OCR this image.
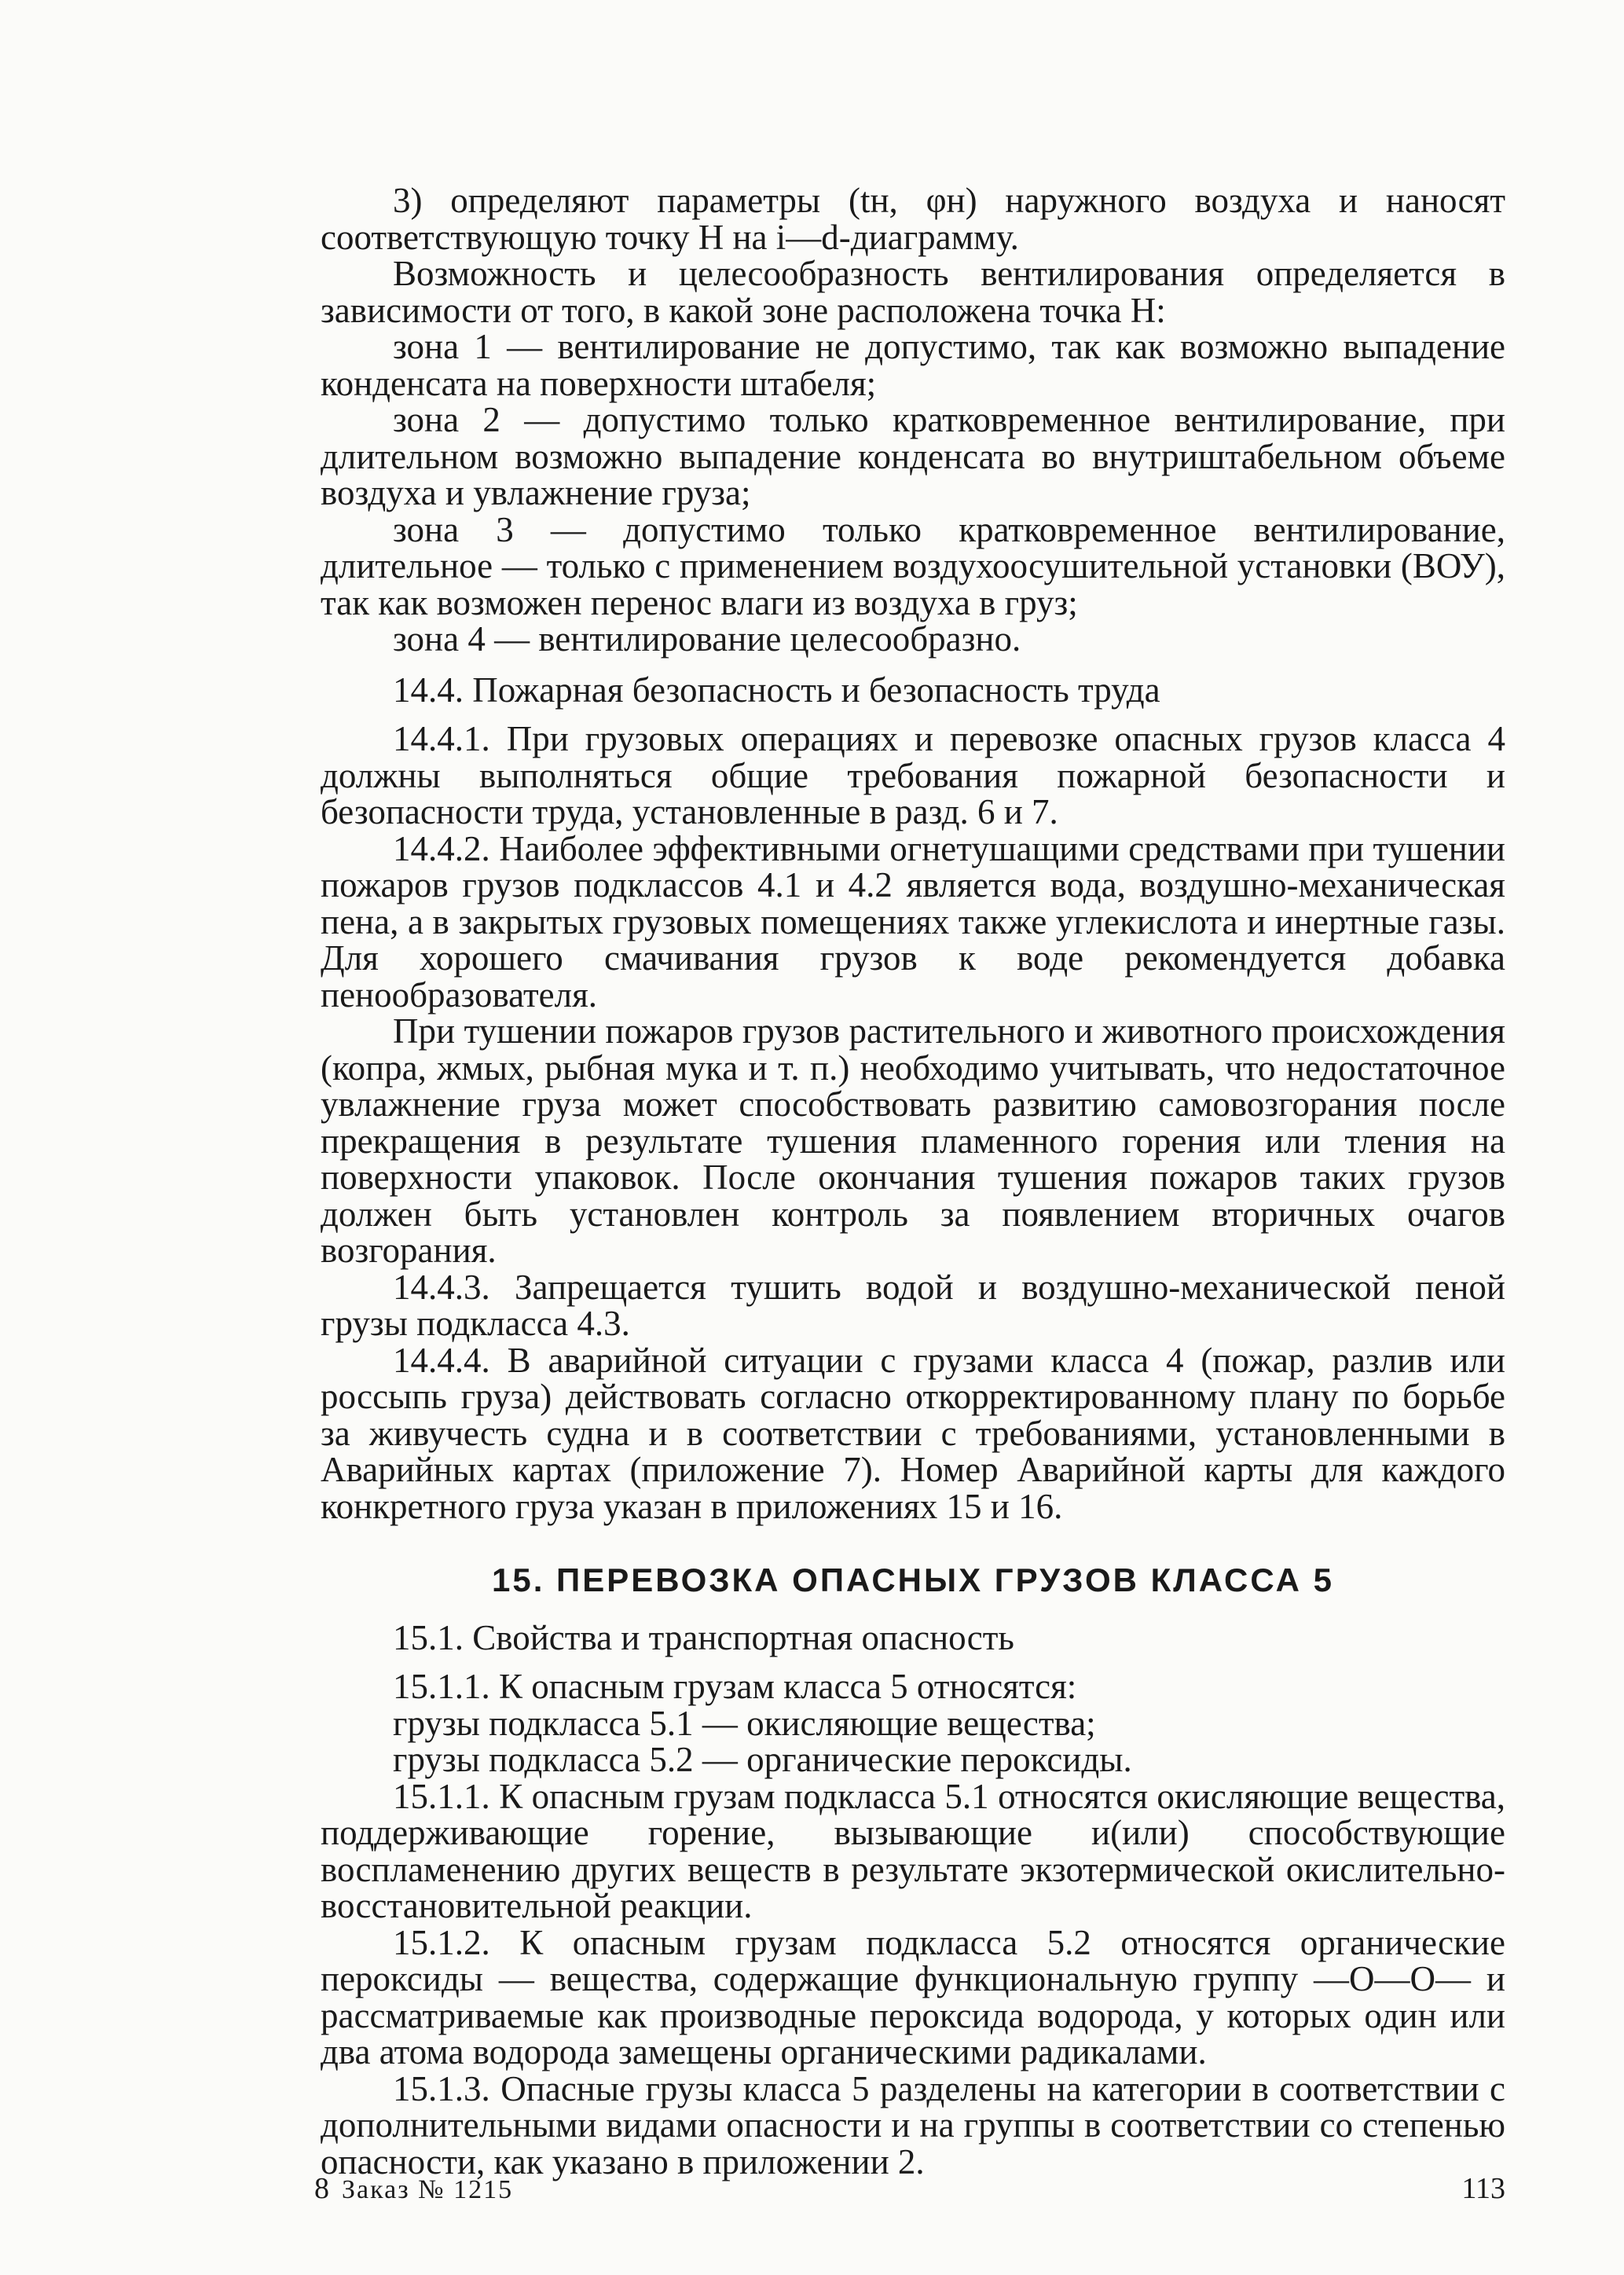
3) определяют параметры (tн, φн) наружного воздуха и наносят соответствующую точку H на i—d-диаграмму.

Возможность и целесообразность вентилирования определяется в зависимости от того, в какой зоне расположена точка H:

зона 1 — вентилирование не допустимо, так как возможно выпадение конденсата на поверхности штабеля;

зона 2 — допустимо только кратковременное вентилирование, при длительном возможно выпадение конденсата во внутриштабельном объеме воздуха и увлажнение груза;

зона 3 — допустимо только кратковременное вентилирование, длительное — только с применением воздухоосушительной установки (ВОУ), так как возможен перенос влаги из воздуха в груз;

зона 4 — вентилирование целесообразно.

14.4. Пожарная безопасность и безопасность труда

14.4.1. При грузовых операциях и перевозке опасных грузов класса 4 должны выполняться общие требования пожарной безопасности и безопасности труда, установленные в разд. 6 и 7.

14.4.2. Наиболее эффективными огнетушащими средствами при тушении пожаров грузов подклассов 4.1 и 4.2 является вода, воздушно-механическая пена, а в закрытых грузовых помещениях также углекислота и инертные газы. Для хорошего смачивания грузов к воде рекомендуется добавка пенообразователя.

При тушении пожаров грузов растительного и животного происхождения (копра, жмых, рыбная мука и т. п.) необходимо учитывать, что недостаточное увлажнение груза может способствовать развитию самовозгорания после прекращения в результате тушения пламенного горения или тления на поверхности упаковок. После окончания тушения пожаров таких грузов должен быть установлен контроль за появлением вторичных очагов возгорания.

14.4.3. Запрещается тушить водой и воздушно-механической пеной грузы подкласса 4.3.

14.4.4. В аварийной ситуации с грузами класса 4 (пожар, разлив или россыпь груза) действовать согласно откорректированному плану по борьбе за живучесть судна и в соответствии с требованиями, установленными в Аварийных картах (приложение 7). Номер Аварийной карты для каждого конкретного груза указан в приложениях 15 и 16.

15. ПЕРЕВОЗКА ОПАСНЫХ ГРУЗОВ КЛАССА 5

15.1. Свойства и транспортная опасность

15.1.1. К опасным грузам класса 5 относятся:

грузы подкласса 5.1 — окисляющие вещества;

грузы подкласса 5.2 — органические пероксиды.

15.1.1. К опасным грузам подкласса 5.1 относятся окисляющие вещества, поддерживающие горение, вызывающие и(или) способствующие воспламенению других веществ в результате экзотермической окислительно-восстановительной реакции.

15.1.2. К опасным грузам подкласса 5.2 относятся органические пероксиды — вещества, содержащие функциональную группу —O—O— и рассматриваемые как производные пероксида водорода, у которых один или два атома водорода замещены органическими радикалами.

15.1.3. Опасные грузы класса 5 разделены на категории в соответствии с дополнительными видами опасности и на группы в соответствии со степенью опасности, как указано в приложении 2.

8 Заказ № 1215	113
